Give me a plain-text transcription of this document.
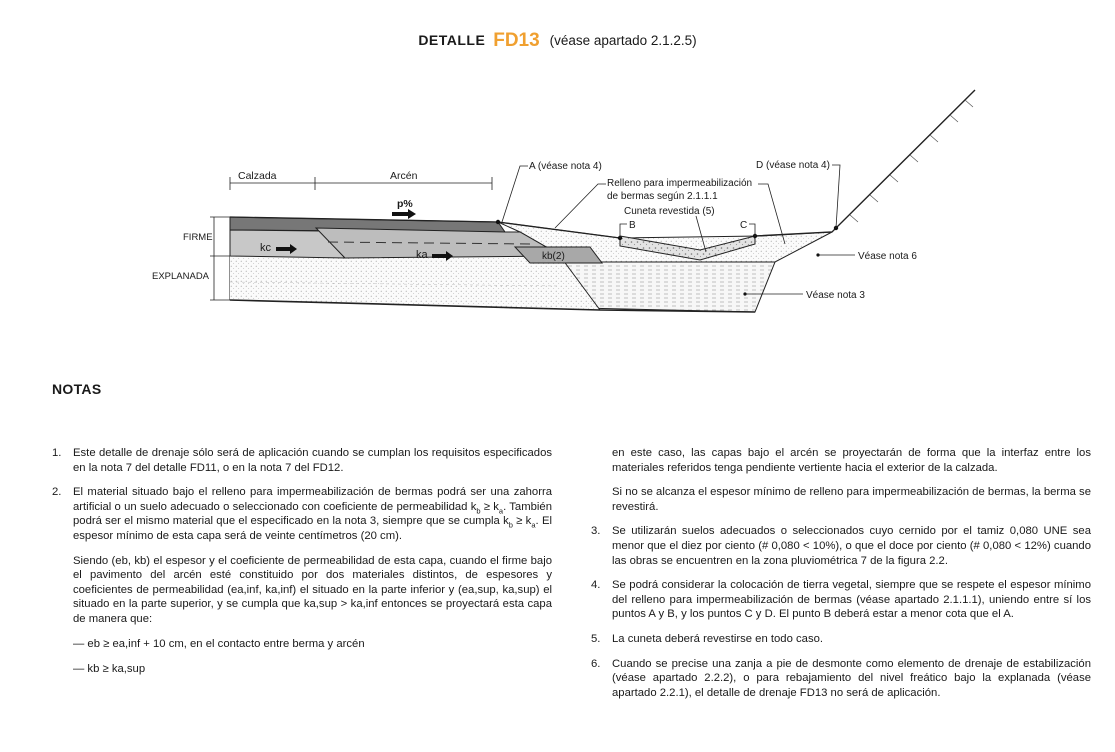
DETALLE FD13 (véase apartado 2.1.2.5)
Calzada	Arcén
FIRME
EXPLANADA
p%
kc
ka	kb(2)
A (véase nota 4)
Relleno para impermeabilización
de bermas según 2.1.1.1
Cuneta revestida (5)
B	C
D (véase nota 4)
Véase nota 6
Véase nota 3
NOTAS
1.	Este detalle de drenaje sólo será de aplicación cuando se cumplan los requisitos especificados en la nota 7 del detalle FD11, o en la nota 7 del FD12.
2.	El material situado bajo el relleno para impermeabilización de bermas podrá ser una zahorra artificial o un suelo adecuado o seleccionado con coeficiente de permeabilidad $k_b \ge k_a$. También podrá ser el mismo material que el especificado en la nota 3, siempre que se cumpla $k_b \ge k_a$. El espesor mínimo de esta capa será de veinte centímetros (20 cm).
Siendo (eb, kb) el espesor y el coeficiente de permeabilidad de esta capa, cuando el firme bajo el pavimento del arcén esté constituido por dos materiales distintos, de espesores y coeficientes de permeabilidad (ea,inf, ka,inf) el situado en la parte inferior y (ea,sup, ka,sup) el situado en la parte superior, y se cumpla que ka,sup > ka,inf entonces se proyectará esta capa de manera que:
— eb ≥ ea,inf + 10 cm, en el contacto entre berma y arcén
— kb ≥ ka,sup
en este caso, las capas bajo el arcén se proyectarán de forma que la interfaz entre los materiales referidos tenga pendiente vertiente hacia el exterior de la calzada.
Si no se alcanza el espesor mínimo de relleno para impermeabilización de bermas, la berma se revestirá.
3.	Se utilizarán suelos adecuados o seleccionados cuyo cernido por el tamiz 0,080 UNE sea menor que el diez por ciento (# 0,080 < 10%), o que el doce por ciento (# 0,080 < 12%) cuando las obras se encuentren en la zona pluviométrica 7 de la figura 2.2.
4.	Se podrá considerar la colocación de tierra vegetal, siempre que se respete el espesor mínimo del relleno para impermeabilización de bermas (véase apartado 2.1.1.1), uniendo entre sí los puntos A y B, y los puntos C y D. El punto B deberá estar a menor cota que el A.
5.	La cuneta deberá revestirse en todo caso.
6.	Cuando se precise una zanja a pie de desmonte como elemento de drenaje de estabilización (véase apartado 2.2.2), o para rebajamiento del nivel freático bajo la explanada (véase apartado 2.2.1), el detalle de drenaje FD13 no será de aplicación.
